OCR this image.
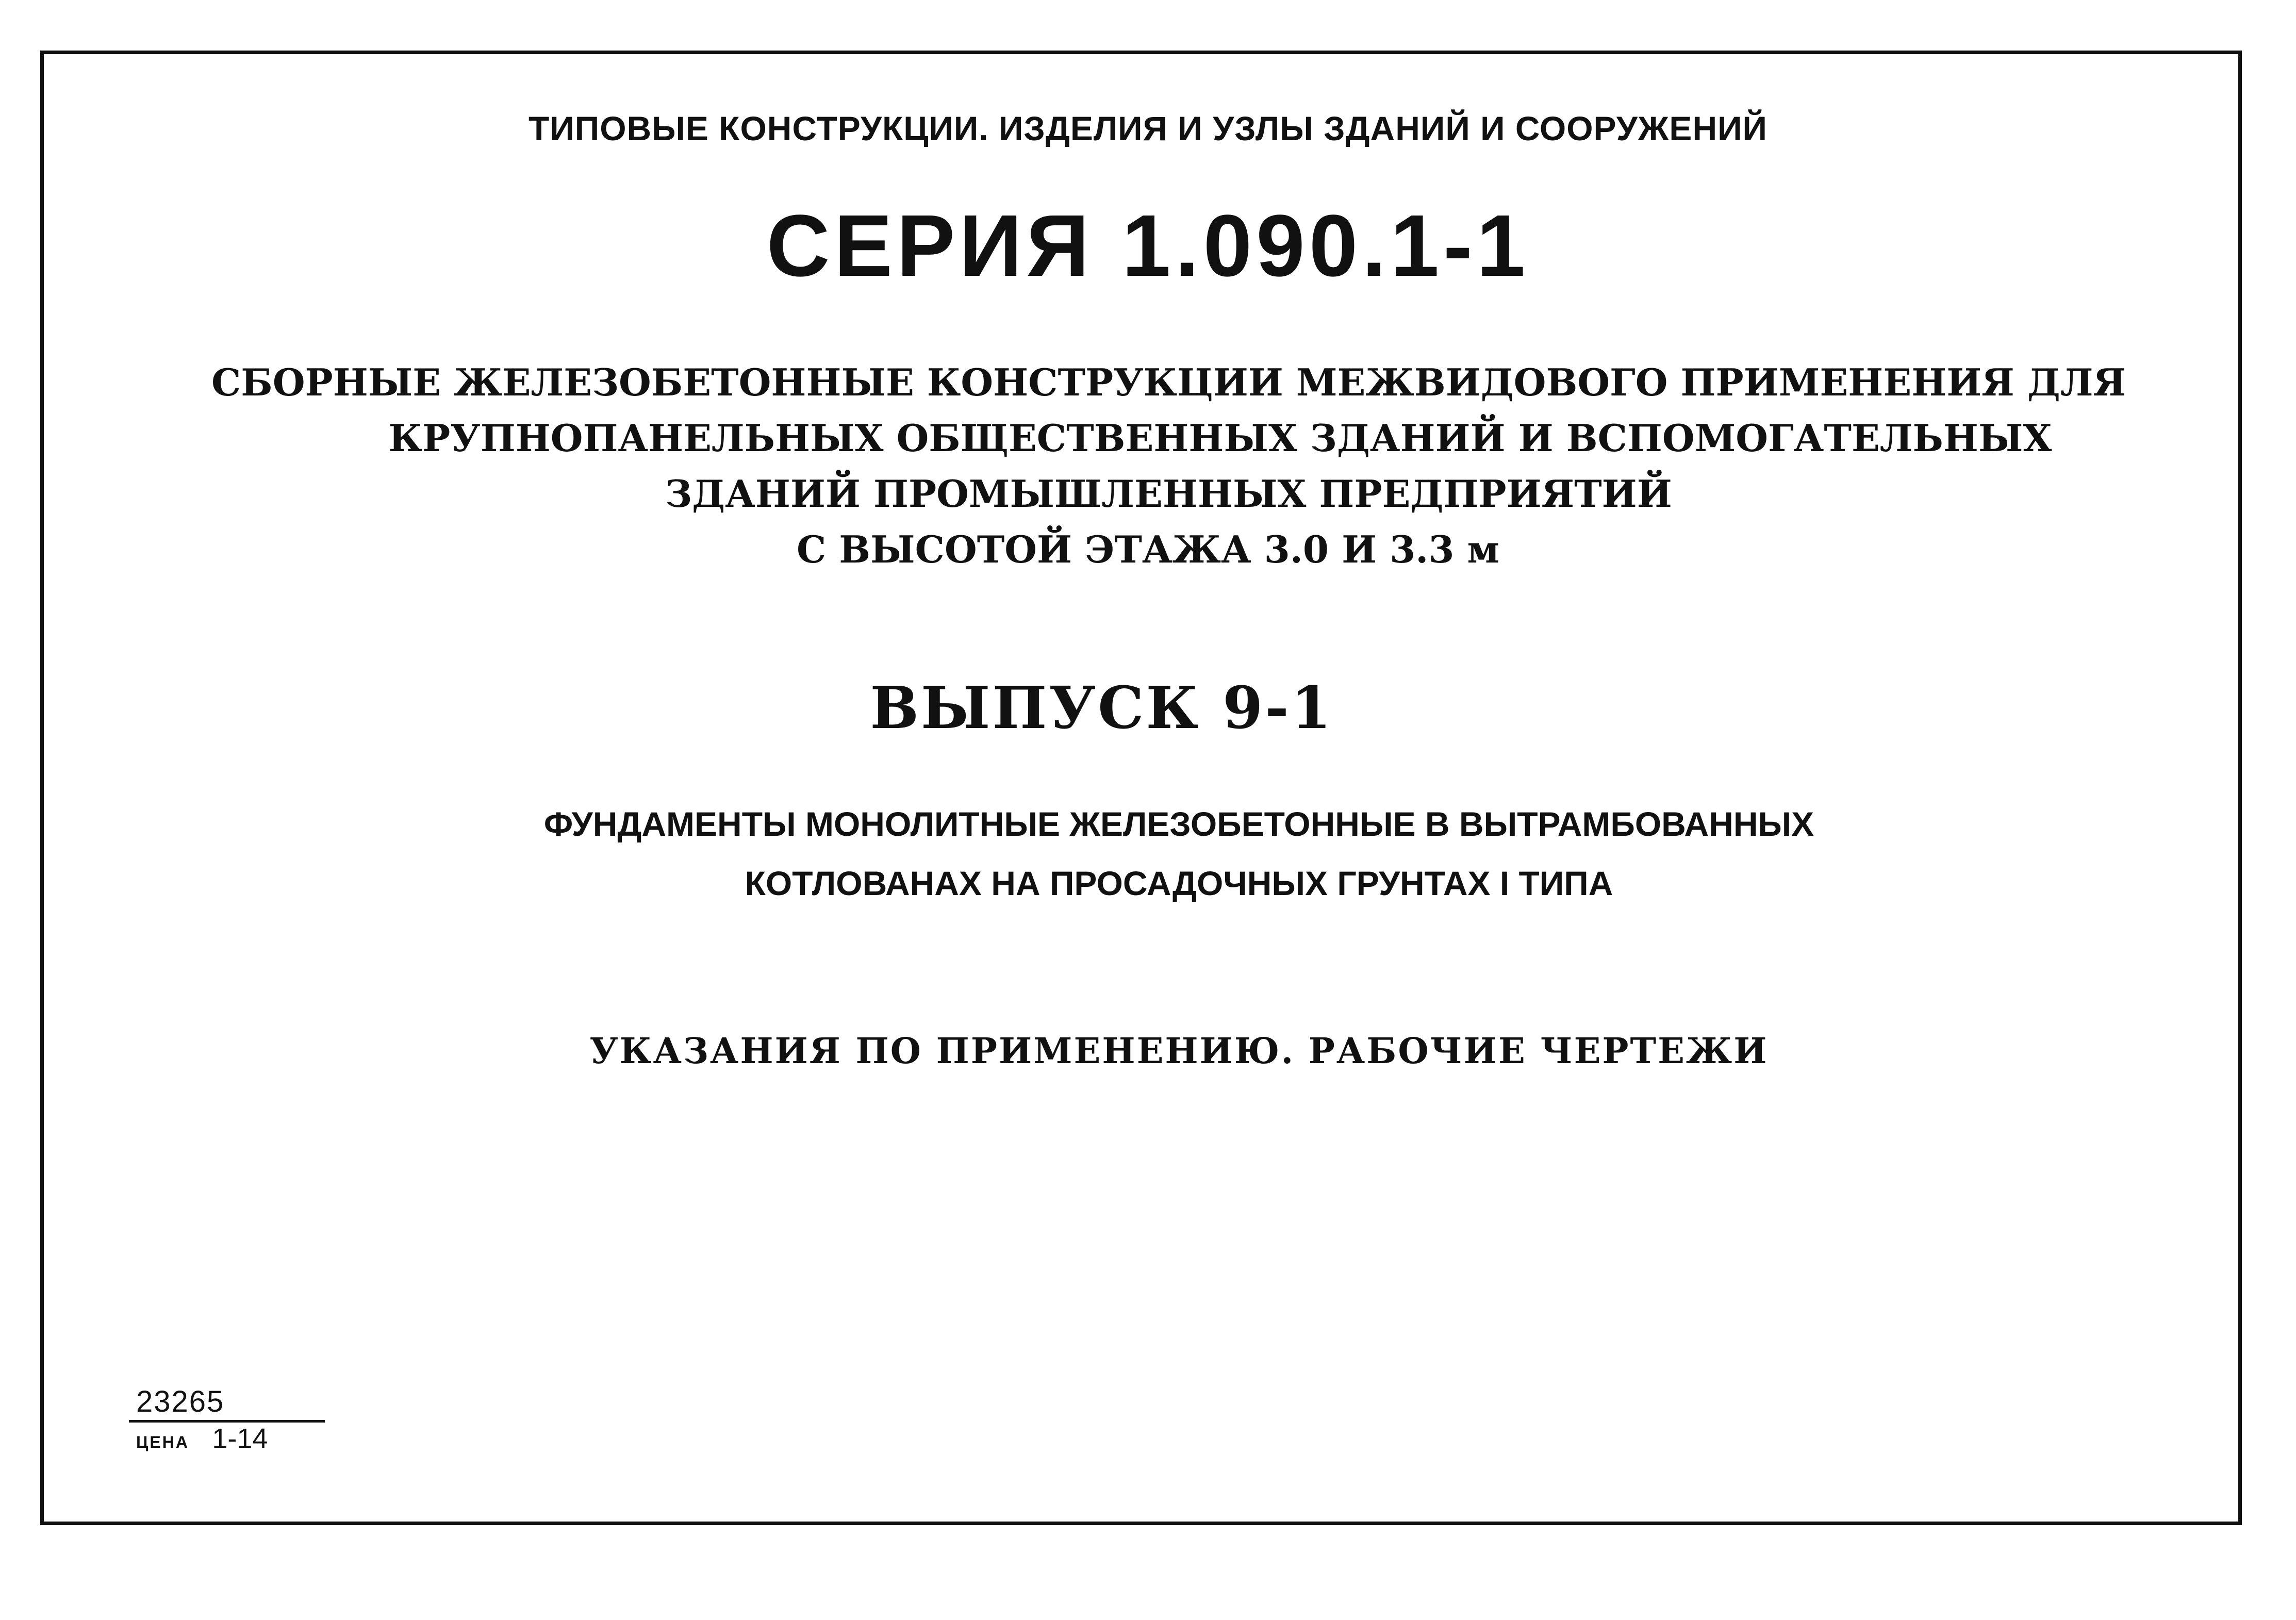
ТИПОВЫЕ КОНСТРУКЦИИ. ИЗДЕЛИЯ И УЗЛЫ ЗДАНИЙ И СООРУЖЕНИЙ
СЕРИЯ 1.090.1-1
СБОРНЫЕ ЖЕЛЕЗОБЕТОННЫЕ КОНСТРУКЦИИ МЕЖВИДОВОГО ПРИМЕНЕНИЯ ДЛЯ
КРУПНОПАНЕЛЬНЫХ ОБЩЕСТВЕННЫХ ЗДАНИЙ И ВСПОМОГАТЕЛЬНЫХ
ЗДАНИЙ ПРОМЫШЛЕННЫХ ПРЕДПРИЯТИЙ
С ВЫСОТОЙ ЭТАЖА 3.0 И 3.3 м
ВЫПУСК 9-1
ФУНДАМЕНТЫ МОНОЛИТНЫЕ ЖЕЛЕЗОБЕТОННЫЕ В ВЫТРАМБОВАННЫХ
КОТЛОВАНАХ НА ПРОСАДОЧНЫХ ГРУНТАХ I ТИПА
УКАЗАНИЯ ПО ПРИМЕНЕНИЮ. РАБОЧИЕ ЧЕРТЕЖИ
23265
ЦЕНА 1-14
